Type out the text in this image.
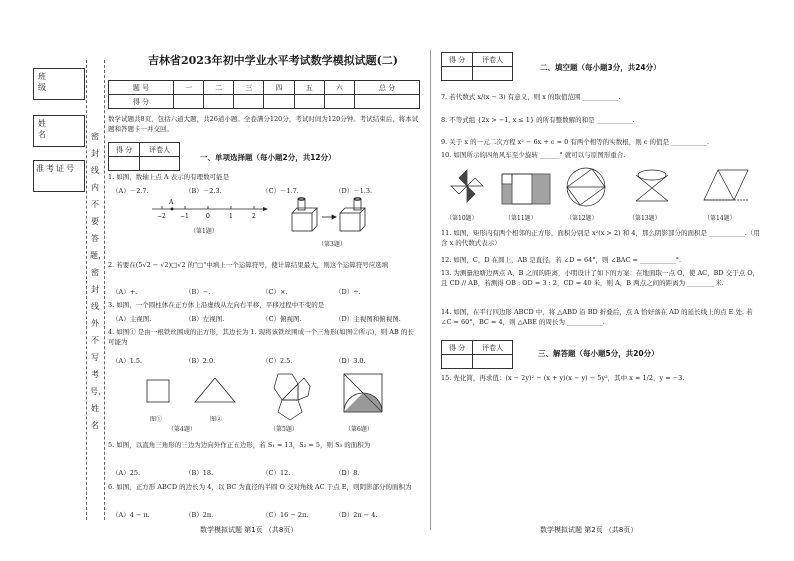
班 级
姓 名
准考证号
密封线内不要答题，密封线外不写考号、姓名
吉林省2023年初中学业水平考试数学模拟试题(二)
题 号	一	二	三	四	五	六	总 分
得 分							
数学试题共8页，包括六道大题，共26道小题。全卷满分120分，考试时间为120分钟。考试结束后，将本试题和答题卡一并交回。
得 分	评卷人

一、单项选择题（每小题2分，共12分）
1. 如图，数轴上点 A 表示的有理数可能是
（A）－2.7.	（B）－2.3.	（C）－1.7.	（D）－1.3.
A
−2 −1	0	1	2
（第1题）
（第3题）
2. 若要在(5√2 − √2)□√2 的"□"中填上一个运算符号，使计算结果最大，则这个运算符号应选填
（A）+.	（B）−.	（C）×.	（D）÷.
3. 如图，一个圆柱体在正方体上沿虚线从左向右平移，平移过程中不变的是
（A）主视图.	（B）左视图.	（C）俯视图.	（D）主视图和俯视图.
4. 如图① 是由一根铁丝围成的正方形，其边长为 1. 现将该铁丝围成一个三角形(如图②所示)，则 AB 的长可能为
（A）1.5.	（B）2.0.	（C）2.5.	（D）3.0.
图①	图②
（第4题）	（第5题）	（第6题）
5. 如图，以直角三角形的三边为边向外作正五边形，若 S₁ = 13，S₂ = 5，则 S₃ 的面积为
（A）25.	（B）18.	（C）12.	（D）8.
6. 如图，正方形 ABCD 的边长为 4，以 BC 为直径的半圆 O 交对角线 AC 于点 E，则阴影部分的面积为
（A）4 − π.	（B）2π.	（C）16 − 2π.	（D）2π − 4.
数学模拟试题 第1页 （共8页）
得 分	评卷人

二、填空题（每小题3分，共24分）
7. 若代数式 x/(x − 3) 有意义，则 x 的取值范围 ___________.
8. 不等式组 {2x > −1, x ≤ 1} 的所有整数解的和是 ___________.
9. 关于 x 的一元二次方程 x² − 6x + c = 0 有两个相等的实数根，则 c 的值是 ___________.
10. 如图所示的四角风车至少旋转 ______° 就可以与原图形重合.
（第10题）	（第11题）	（第12题）	（第13题）	（第14题）
11. 如图，矩形内有两个相邻的正方形，面积分别是 x²(x > 2) 和 4，那么阴影部分的面积是 ___________.（用含 x 的代数式表示）
12. 如图，C，D 在圆上，AB 是直径，若 ∠D = 64°，则 ∠BAC = ___________°.
13. 为测量池塘边两点 A，B 之间的距离，小明设计了如下的方案：在地面取一点 O，使 AC，BD 交于点 O，且 CD // AB，若测得 OB : OD = 3 : 2，CD = 40 米，则 A，B 两点之间的距离为 ________ 米.
14. 如图，在平行四边形 ABCD 中，将 △ABD 沿 BD 折叠后，点 A 恰好落在 AD 的延长线上的点 E 处. 若 ∠C = 60°，BC = 4，则 △ABE 的周长为 ___________.
得 分	评卷人

三、解答题（每小题5分，共20分）
15. 先化简，再求值：(x − 2y)² − (x + y)(x − y) − 5y²，其中 x = 1/2，y = −3.
数学模拟试题 第2页 （共8页）
